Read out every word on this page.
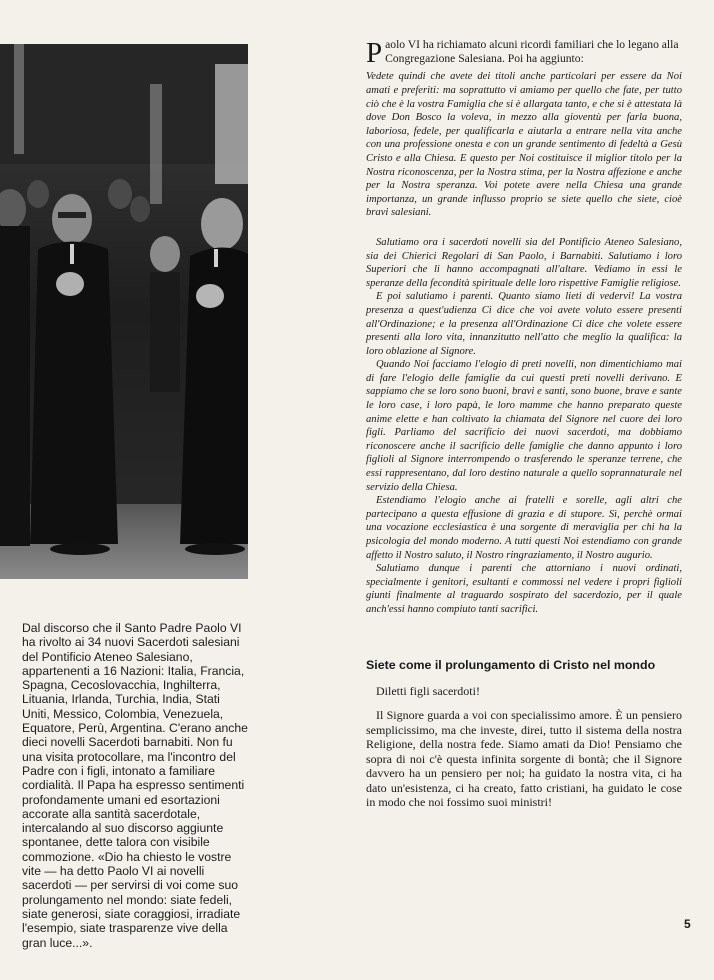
Dal discorso che il Santo Padre Paolo VI ha rivolto ai 34 nuovi Sacerdoti salesiani del Pontificio Ateneo Salesiano, appartenenti a 16 Nazioni: Italia, Francia, Spagna, Cecoslovacchia, Inghilterra, Lituania, Irlanda, Turchia, India, Stati Uniti, Messico, Colombia, Venezuela, Equatore, Perù, Argentina. C'erano anche dieci novelli Sacerdoti barnabiti. Non fu una visita protocollare, ma l'incontro del Padre con i figli, intonato a familiare cordialità. Il Papa ha espresso sentimenti profondamente umani ed esortazioni accorate alla santità sacerdotale, intercalando al suo discorso aggiunte spontanee, dette talora con visibile commozione. «Dio ha chiesto le vostre vite — ha detto Paolo VI ai novelli sacerdoti — per servirsi di voi come suo prolungamento nel mondo: siate fedeli, siate generosi, siate coraggiosi, irradiate l'esempio, siate trasparenze vive della gran luce...».

Paolo VI ha richiamato alcuni ricordi familiari che lo legano alla Congregazione Salesiana. Poi ha aggiunto:

Vedete quindi che avete dei titoli anche particolari per essere da Noi amati e preferiti: ma soprattutto vi amiamo per quello che fate, per tutto ciò che è la vostra Famiglia che si è allargata tanto, e che si è attestata là dove Don Bosco la voleva, in mezzo alla gioventù per farla buona, laboriosa, fedele, per qualificarla e aiutarla a entrare nella vita anche con una professione onesta e con un grande sentimento di fedeltà a Gesù Cristo e alla Chiesa. E questo per Noi costituisce il miglior titolo per la Nostra riconoscenza, per la Nostra stima, per la Nostra affezione e anche per la Nostra speranza. Voi potete avere nella Chiesa una grande importanza, un grande influsso proprio se siete quello che siete, cioè bravi salesiani.

Salutiamo ora i sacerdoti novelli sia del Pontificio Ateneo Salesiano, sia dei Chierici Regolari di San Paolo, i Barnabiti. Salutiamo i loro Superiori che li hanno accompagnati all'altare. Vediamo in essi le speranze della fecondità spirituale delle loro rispettive Famiglie religiose.

E poi salutiamo i parenti. Quanto siamo lieti di vedervi! La vostra presenza a quest'udienza Ci dice che voi avete voluto essere presenti all'Ordinazione; e la presenza all'Ordinazione Ci dice che volete essere presenti alla loro vita, innanzitutto nell'atto che meglio la qualifica: la loro oblazione al Signore.

Quando Noi facciamo l'elogio di preti novelli, non dimentichiamo mai di fare l'elogio delle famiglie da cui questi preti novelli derivano. E sappiamo che se loro sono buoni, bravi e santi, sono buone, brave e sante le loro case, i loro papà, le loro mamme che hanno preparato queste anime elette e han coltivato la chiamata del Signore nel cuore dei loro figli. Parliamo del sacrificio dei nuovi sacerdoti, ma dobbiamo riconoscere anche il sacrificio delle famiglie che danno appunto i loro figlioli al Signore interrompendo o trasferendo le speranze terrene, che essi rappresentano, dal loro destino naturale a quello soprannaturale nel servizio della Chiesa.

Estendiamo l'elogio anche ai fratelli e sorelle, agli altri che partecipano a questa effusione di grazia e di stupore. Sì, perchè ormai una vocazione ecclesiastica è una sorgente di meraviglia per chi ha la psicologia del mondo moderno. A tutti questi Noi estendiamo con grande affetto il Nostro saluto, il Nostro ringraziamento, il Nostro augurio.

Salutiamo dunque i parenti che attorniano i nuovi ordinati, specialmente i genitori, esultanti e commossi nel vedere i propri figlioli giunti finalmente al traguardo sospirato del sacerdozio, per il quale anch'essi hanno compiuto tanti sacrifici.

Siete come il prolungamento di Cristo nel mondo

Diletti figli sacerdoti!

Il Signore guarda a voi con specialissimo amore. È un pensiero semplicissimo, ma che investe, direi, tutto il sistema della nostra Religione, della nostra fede. Siamo amati da Dio! Pensiamo che sopra di noi c'è questa infinita sorgente di bontà; che il Signore davvero ha un pensiero per noi; ha guidato la nostra vita, ci ha dato un'esistenza, ci ha creato, fatto cristiani, ha guidato le cose in modo che noi fossimo suoi ministri!

5
